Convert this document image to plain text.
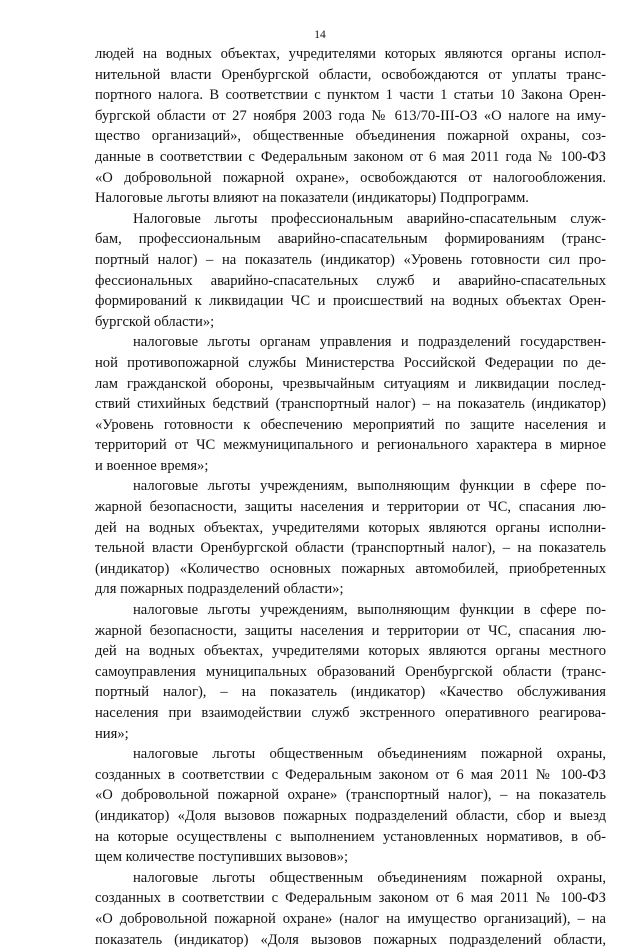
14
людей на водных объектах, учредителями которых являются органы испол-
нительной власти Оренбургской области, освобождаются от уплаты транс-
портного налога. В соответствии с пунктом 1 части 1 статьи 10 Закона Орен-
бургской области от 27 ноября 2003 года № 613/70-III-ОЗ «О налоге на иму-
щество организаций», общественные объединения пожарной охраны, соз-
данные в соответствии с Федеральным законом от 6 мая 2011 года № 100-ФЗ
«О добровольной пожарной охране», освобождаются от налогообложения.
Налоговые льготы влияют на показатели (индикаторы) Подпрограмм.
Налоговые льготы профессиональным аварийно-спасательным служ-
бам, профессиональным аварийно-спасательным формированиям (транс-
портный налог) – на показатель (индикатор) «Уровень готовности сил про-
фессиональных аварийно-спасательных служб и аварийно-спасательных
формирований к ликвидации ЧС и происшествий на водных объектах Орен-
бургской области»;
налоговые льготы органам управления и подразделений государствен-
ной противопожарной службы Министерства Российской Федерации по де-
лам гражданской обороны, чрезвычайным ситуациям и ликвидации послед-
ствий стихийных бедствий (транспортный налог) – на показатель (индикатор)
«Уровень готовности к обеспечению мероприятий по защите населения и
территорий от ЧС межмуниципального и регионального характера в мирное
и военное время»;
налоговые льготы учреждениям, выполняющим функции в сфере по-
жарной безопасности, защиты населения и территории от ЧС, спасания лю-
дей на водных объектах, учредителями которых являются органы исполни-
тельной власти Оренбургской области (транспортный налог), – на показатель
(индикатор) «Количество основных пожарных автомобилей, приобретенных
для пожарных подразделений области»;
налоговые льготы учреждениям, выполняющим функции в сфере по-
жарной безопасности, защиты населения и территории от ЧС, спасания лю-
дей на водных объектах, учредителями которых являются органы местного
самоуправления муниципальных образований Оренбургской области (транс-
портный налог), – на показатель (индикатор) «Качество обслуживания
населения при взаимодействии служб экстренного оперативного реагирова-
ния»;
налоговые льготы общественным объединениям пожарной охраны,
созданных в соответствии с Федеральным законом от 6 мая 2011 № 100-ФЗ
«О добровольной пожарной охране» (транспортный налог), – на показатель
(индикатор) «Доля вызовов пожарных подразделений области, сбор и выезд
на которые осуществлены с выполнением установленных нормативов, в об-
щем количестве поступивших вызовов»;
налоговые льготы общественным объединениям пожарной охраны,
созданных в соответствии с Федеральным законом от 6 мая 2011 № 100-ФЗ
«О добровольной пожарной охране» (налог на имущество организаций), – на
показатель (индикатор) «Доля вызовов пожарных подразделений области,
